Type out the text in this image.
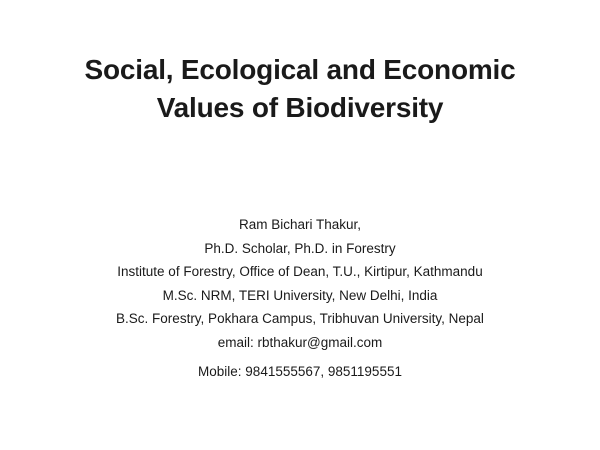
Social, Ecological and Economic
Values of Biodiversity
Ram Bichari Thakur,
Ph.D. Scholar, Ph.D. in Forestry
Institute of Forestry, Office of Dean, T.U., Kirtipur, Kathmandu
M.Sc. NRM, TERI University, New Delhi, India
B.Sc. Forestry, Pokhara Campus, Tribhuvan University, Nepal
email: rbthakur@gmail.com
Mobile: 9841555567, 9851195551
